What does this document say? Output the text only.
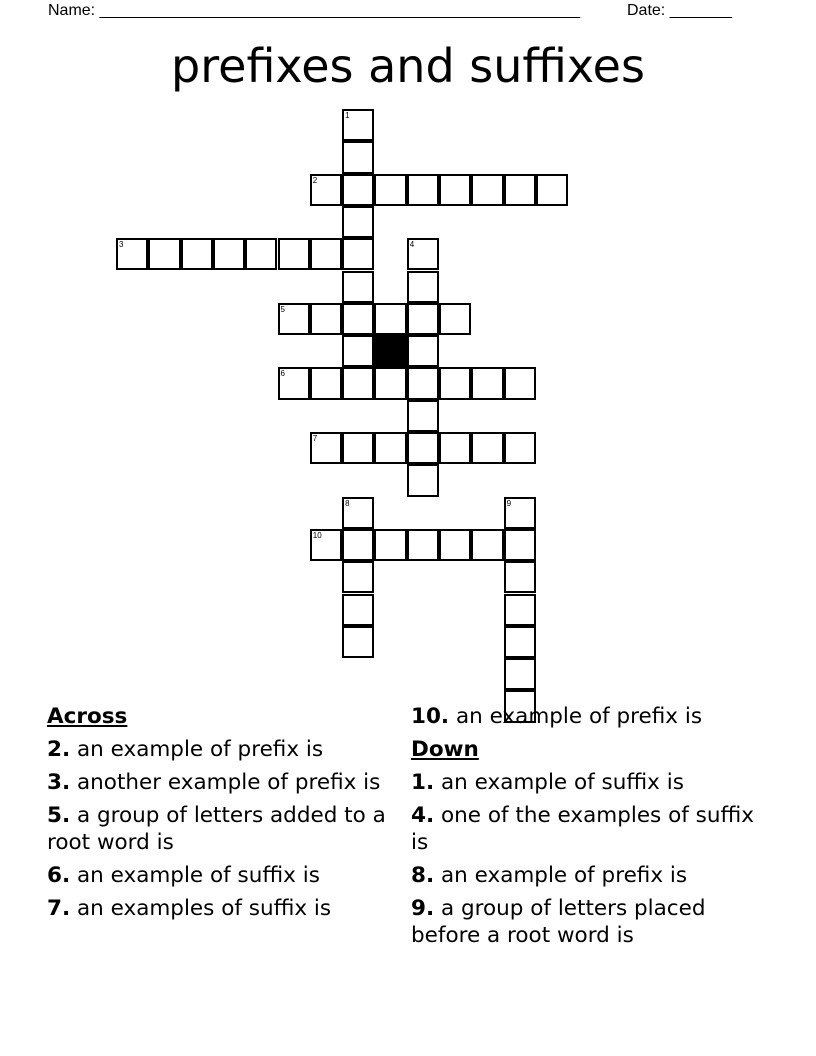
Name: ______________________________________________________	Date: _______
prefixes and suffixes
1
2
3	4
5
6
7
8	9
10
Across
2. an example of prefix is
3. another example of prefix is
5. a group of letters added to a root word is
6. an example of suffix is
7. an examples of suffix is
10. an example of prefix is
Down
1. an example of suffix is
4. one of the examples of suffix is
8. an example of prefix is
9. a group of letters placed before a root word is
